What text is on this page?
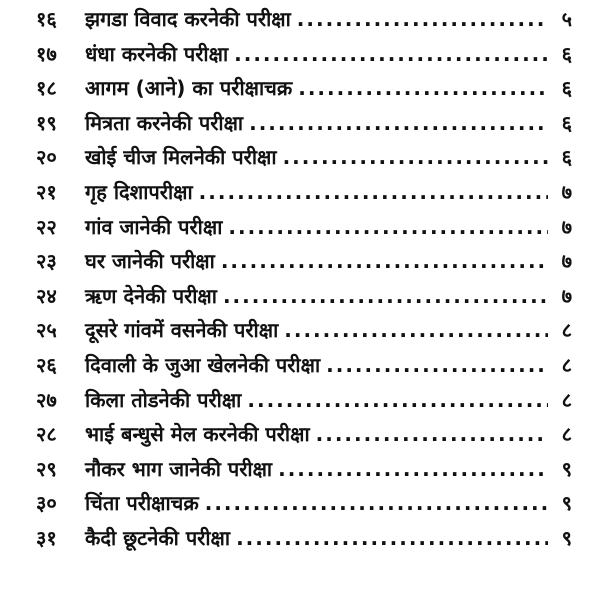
१६	झगडा विवाद करनेकी परीक्षा .....	५
१७	धंधा करनेकी परीक्षा .....	६
१८	आगम (आने) का परीक्षाचक्र .....	६
१९	मित्रता करनेकी परीक्षा .....	६
२०	खोई चीज मिलनेकी परीक्षा .....	६
२१	गृह दिशापरीक्षा .....	७
२२	गांव जानेकी परीक्षा .....	७
२३	घर जानेकी परीक्षा .....	७
२४	ऋण देनेकी परीक्षा .....	७
२५	दूसरे गांवमें वसनेकी परीक्षा .....	८
२६	दिवाली के जुआ खेलनेकी परीक्षा .....	८
२७	किला तोडनेकी परीक्षा .....	८
२८	भाई बन्धुसे मेल करनेकी परीक्षा .....	८
२९	नौकर भाग जानेकी परीक्षा .....	९
३०	चिंता परीक्षाचक्र .....	९
३१	कैदी छूटनेकी परीक्षा .....	९
